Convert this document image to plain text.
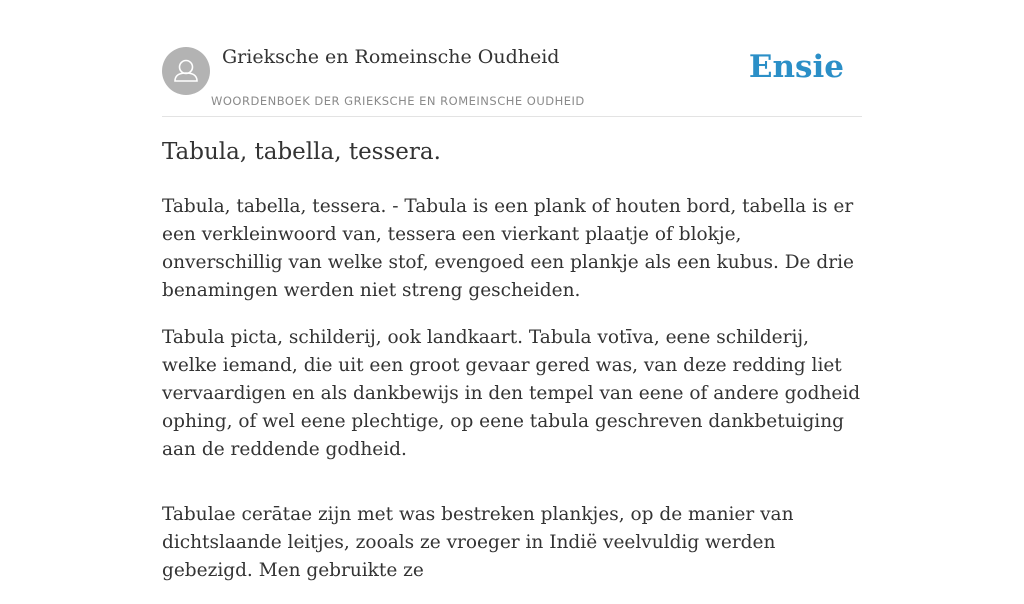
Grieksche en Romeinsche Oudheid
WOORDENBOEK DER GRIEKSCHE EN ROMEINSCHE OUDHEID
Ensie
Tabula, tabella, tessera.

Tabula, tabella, tessera. - Tabula is een plank of houten bord, tabella is er een verkleinwoord van, tessera een vierkant plaatje of blokje, onverschillig van welke stof, evengoed een plankje als een kubus. De drie benamingen werden niet streng gescheiden.

Tabula picta, schilderij, ook landkaart. Tabula votīva, eene schilderij, welke iemand, die uit een groot gevaar gered was, van deze redding liet vervaardigen en als dankbewijs in den tempel van eene of andere godheid ophing, of wel eene plechtige, op eene tabula geschreven dankbetuiging aan de reddende godheid.

Tabulae cerātae zijn met was bestreken plankjes, op de manier van dichtslaande leitjes, zooals ze vroeger in Indië veelvuldig werden gebezigd. Men gebruikte ze
